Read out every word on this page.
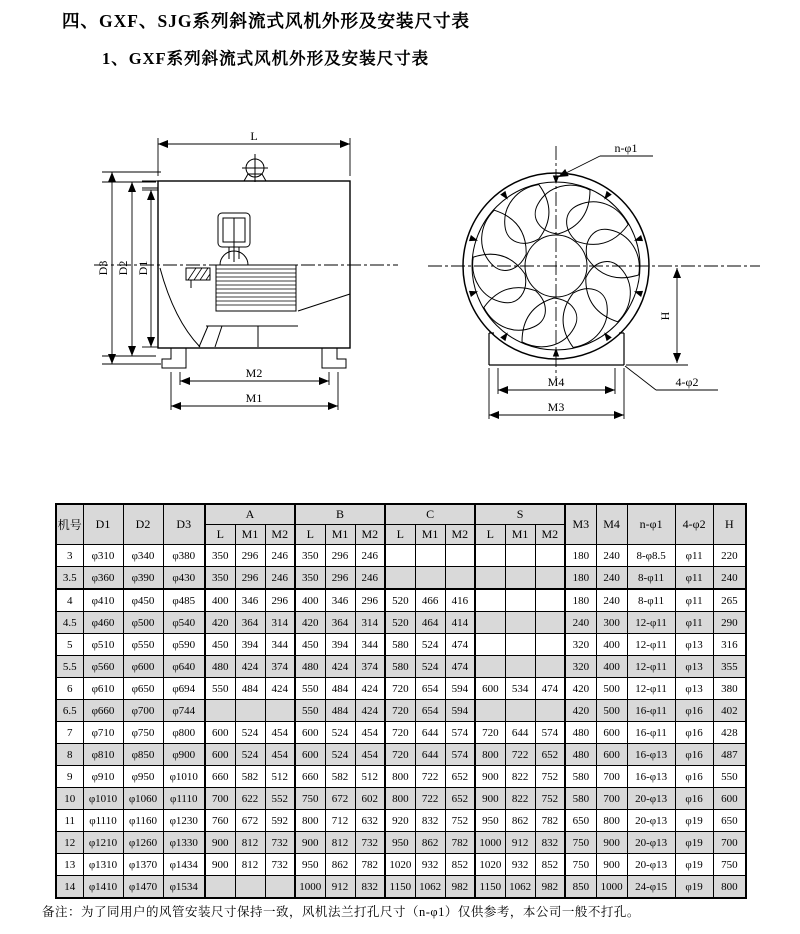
四、GXF、SJG系列斜流式风机外形及安装尺寸表
1、GXF系列斜流式风机外形及安装尺寸表
L
D3 D2 D1
M2
M1
n-φ1
H
M4
M3
4-φ2
机号	D1	D2	D3	A			B			C			S			M3	M4	n-φ1	4-φ2	H
				L	M1	M2	L	M1	M2	L	M1	M2	L	M1	M2					
3	φ310	φ340	φ380	350	296	246	350	296	246							180	240	8-φ8.5	φ11	220
3.5	φ360	φ390	φ430	350	296	246	350	296	246							180	240	8-φ11	φ11	240
4	φ410	φ450	φ485	400	346	296	400	346	296	520	466	416				180	240	8-φ11	φ11	265
4.5	φ460	φ500	φ540	420	364	314	420	364	314	520	464	414				240	300	12-φ11	φ11	290
5	φ510	φ550	φ590	450	394	344	450	394	344	580	524	474				320	400	12-φ11	φ13	316
5.5	φ560	φ600	φ640	480	424	374	480	424	374	580	524	474				320	400	12-φ11	φ13	355
6	φ610	φ650	φ694	550	484	424	550	484	424	720	654	594	600	534	474	420	500	12-φ11	φ13	380
6.5	φ660	φ700	φ744				550	484	424	720	654	594				420	500	16-φ11	φ16	402
7	φ710	φ750	φ800	600	524	454	600	524	454	720	644	574	720	644	574	480	600	16-φ11	φ16	428
8	φ810	φ850	φ900	600	524	454	600	524	454	720	644	574	800	722	652	480	600	16-φ13	φ16	487
9	φ910	φ950	φ1010	660	582	512	660	582	512	800	722	652	900	822	752	580	700	16-φ13	φ16	550
10	φ1010	φ1060	φ1110	700	622	552	750	672	602	800	722	652	900	822	752	580	700	20-φ13	φ16	600
11	φ1110	φ1160	φ1230	760	672	592	800	712	632	920	832	752	950	862	782	650	800	20-φ13	φ19	650
12	φ1210	φ1260	φ1330	900	812	732	900	812	732	950	862	782	1000	912	832	750	900	20-φ13	φ19	700
13	φ1310	φ1370	φ1434	900	812	732	950	862	782	1020	932	852	1020	932	852	750	900	20-φ13	φ19	750
14	φ1410	φ1470	φ1534				1000	912	832	1150	1062	982	1150	1062	982	850	1000	24-φ15	φ19	800
备注：为了同用户的风管安装尺寸保持一致，风机法兰打孔尺寸（n-φ1）仅供参考，本公司一般不打孔。
